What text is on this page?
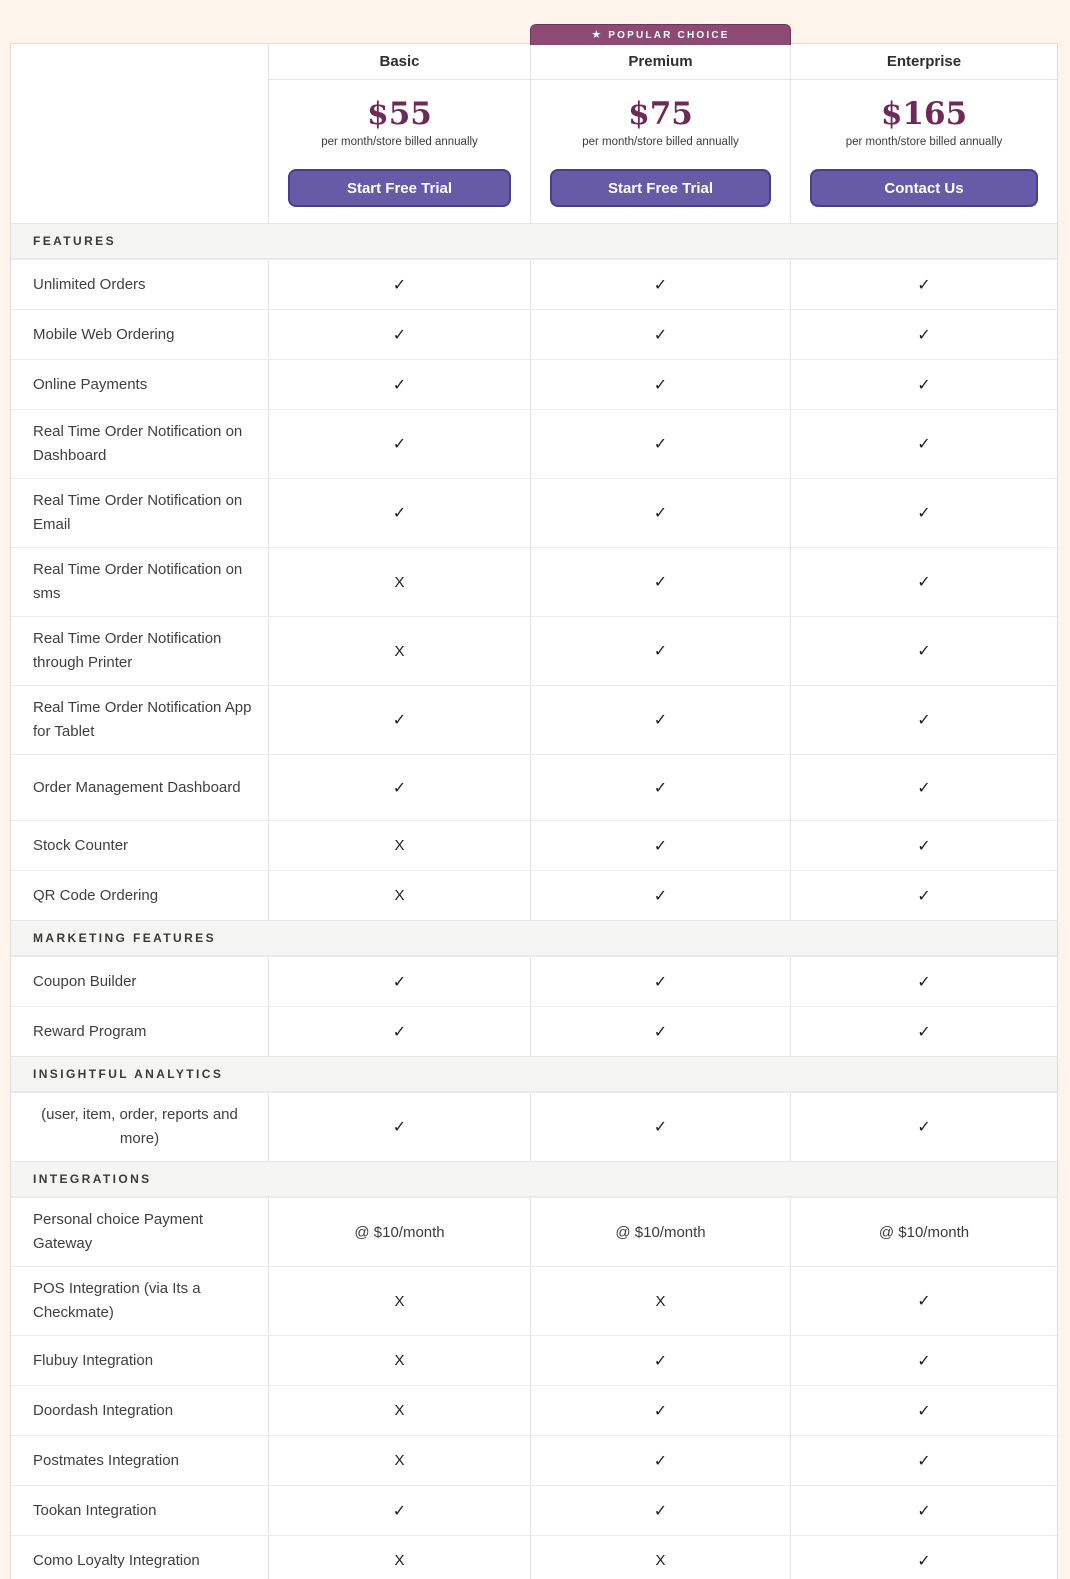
★ POPULAR CHOICE
Basic
$55
per month/store billed annually
Start Free Trial
Premium
$75
per month/store billed annually
Start Free Trial
Enterprise
$165
per month/store billed annually
Contact Us
FEATURES
Unlimited Orders	✓	✓	✓
Mobile Web Ordering	✓	✓	✓
Online Payments	✓	✓	✓
Real Time Order Notification on Dashboard
✓	✓	✓
Real Time Order Notification on Email
✓	✓	✓
Real Time Order Notification on sms
X	✓	✓
Real Time Order Notification through Printer
X	✓	✓
Real Time Order Notification App for Tablet
✓	✓	✓
Order Management Dashboard	✓	✓	✓
Stock Counter	X	✓	✓
QR Code Ordering	X	✓	✓
MARKETING FEATURES
Coupon Builder	✓	✓	✓
Reward Program	✓	✓	✓
INSIGHTFUL ANALYTICS
(user, item, order, reports and more)
✓	✓	✓
INTEGRATIONS
Personal choice Payment Gateway
@ $10/month	@ $10/month	@ $10/month
POS Integration (via Its a Checkmate)
X	X	✓
Flubuy Integration	X	✓	✓
Doordash Integration	X	✓	✓
Postmates Integration	X	✓	✓
Tookan Integration	✓	✓	✓
Como Loyalty Integration	X	X	✓
